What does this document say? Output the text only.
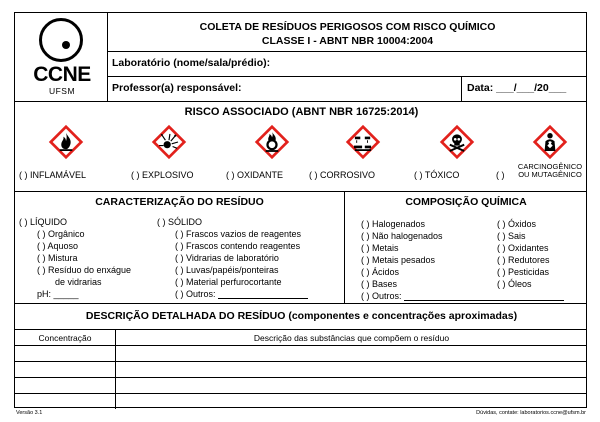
CCNE
UFSM
COLETA DE RESÍDUOS PERIGOSOS COM RISCO QUÍMICO
CLASSE I - ABNT NBR 10004:2004
Laboratório (nome/sala/prédio):
Professor(a) responsável:	Data: ___/___/20___
RISCO ASSOCIADO (ABNT NBR 16725:2014)
( ) INFLAMÁVEL	( ) EXPLOSIVO	( ) OXIDANTE	( ) CORROSIVO	( ) TÓXICO	( )
CARCINOGÊNICO
OU MUTAGÊNICO
CARACTERIZAÇÃO DO RESÍDUO
( ) LÍQUIDO
( ) Orgânico
( ) Aquoso
( ) Mistura
( ) Resíduo do enxágue
de vidrarias
pH: _____
( ) SÓLIDO
( ) Frascos vazios de reagentes
( ) Frascos contendo reagentes
( ) Vidrarias de laboratório
( ) Luvas/papéis/ponteiras
( ) Material perfurocortante
( ) Outros:
COMPOSIÇÃO QUÍMICA
( ) Halogenados
( ) Não halogenados
( ) Metais
( ) Metais pesados
( ) Ácidos
( ) Bases
( ) Outros:
( ) Óxidos
( ) Sais
( ) Oxidantes
( ) Redutores
( ) Pesticidas
( ) Óleos
DESCRIÇÃO DETALHADA DO RESÍDUO (componentes e concentrações aproximadas)
Concentração	Descrição das substâncias que compõem o resíduo
Versão 3.1	Dúvidas, contate: laboratorios.ccne@ufsm.br
